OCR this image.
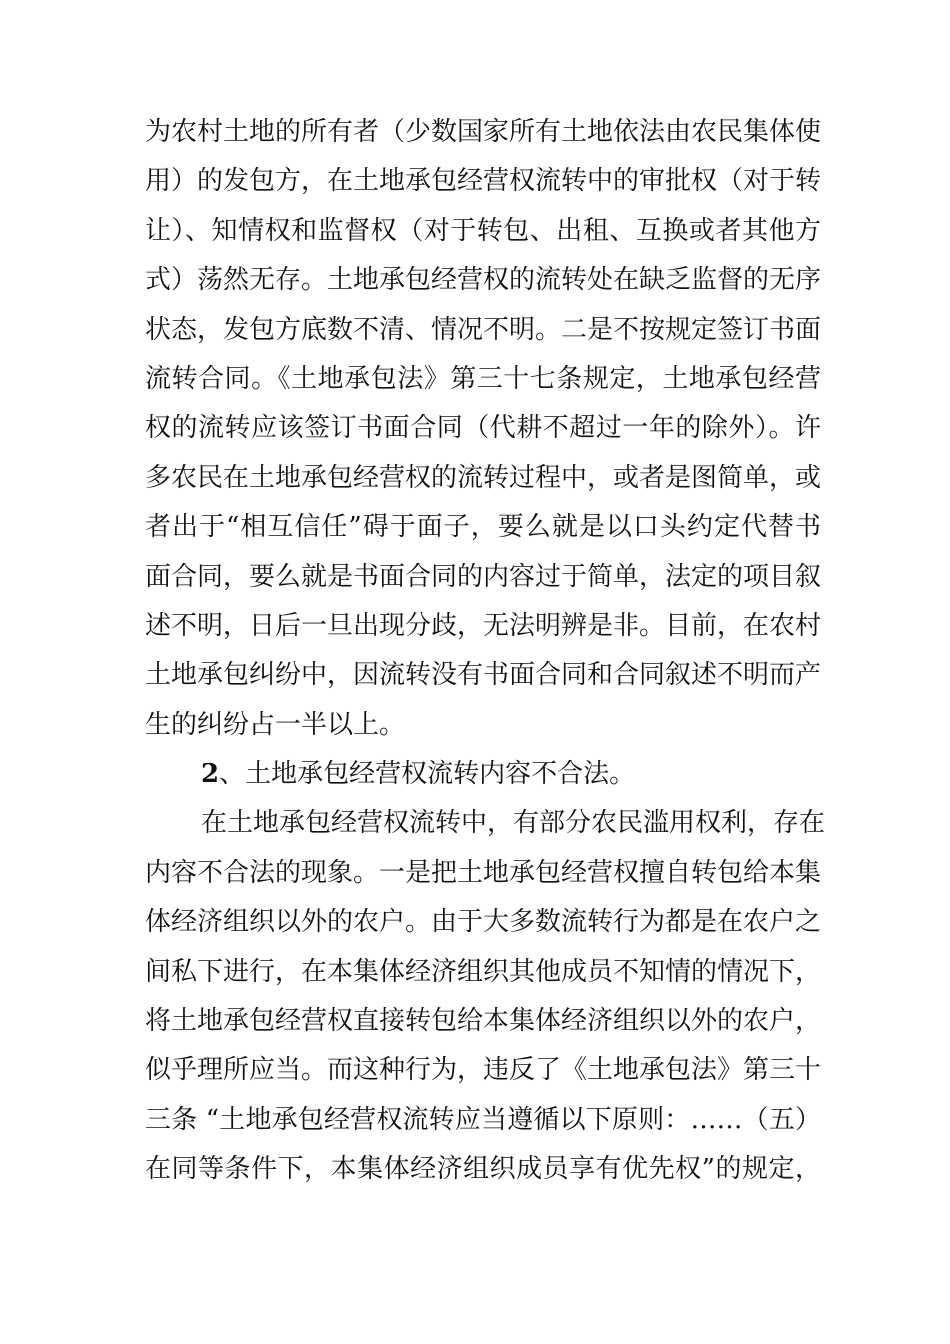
为农村土地的所有者（少数国家所有土地依法由农民集体使
用）的发包方，在土地承包经营权流转中的审批权（对于转
让）、知情权和监督权（对于转包、出租、互换或者其他方
式）荡然无存。土地承包经营权的流转处在缺乏监督的无序
状态，发包方底数不清、情况不明。二是不按规定签订书面
流转合同。《土地承包法》第三十七条规定，土地承包经营
权的流转应该签订书面合同（代耕不超过一年的除外）。许
多农民在土地承包经营权的流转过程中，或者是图简单，或
者出于“相互信任”碍于面子，要么就是以口头约定代替书
面合同，要么就是书面合同的内容过于简单，法定的项目叙
述不明，日后一旦出现分歧，无法明辨是非。目前，在农村
土地承包纠纷中，因流转没有书面合同和合同叙述不明而产
生的纠纷占一半以上。
2、土地承包经营权流转内容不合法。
在土地承包经营权流转中，有部分农民滥用权利，存在
内容不合法的现象。一是把土地承包经营权擅自转包给本集
体经济组织以外的农户。由于大多数流转行为都是在农户之
间私下进行，在本集体经济组织其他成员不知情的情况下，
将土地承包经营权直接转包给本集体经济组织以外的农户，
似乎理所应当。而这种行为，违反了《土地承包法》第三十
三条 “土地承包经营权流转应当遵循以下原则：……（五）
在同等条件下，本集体经济组织成员享有优先权”的规定，
